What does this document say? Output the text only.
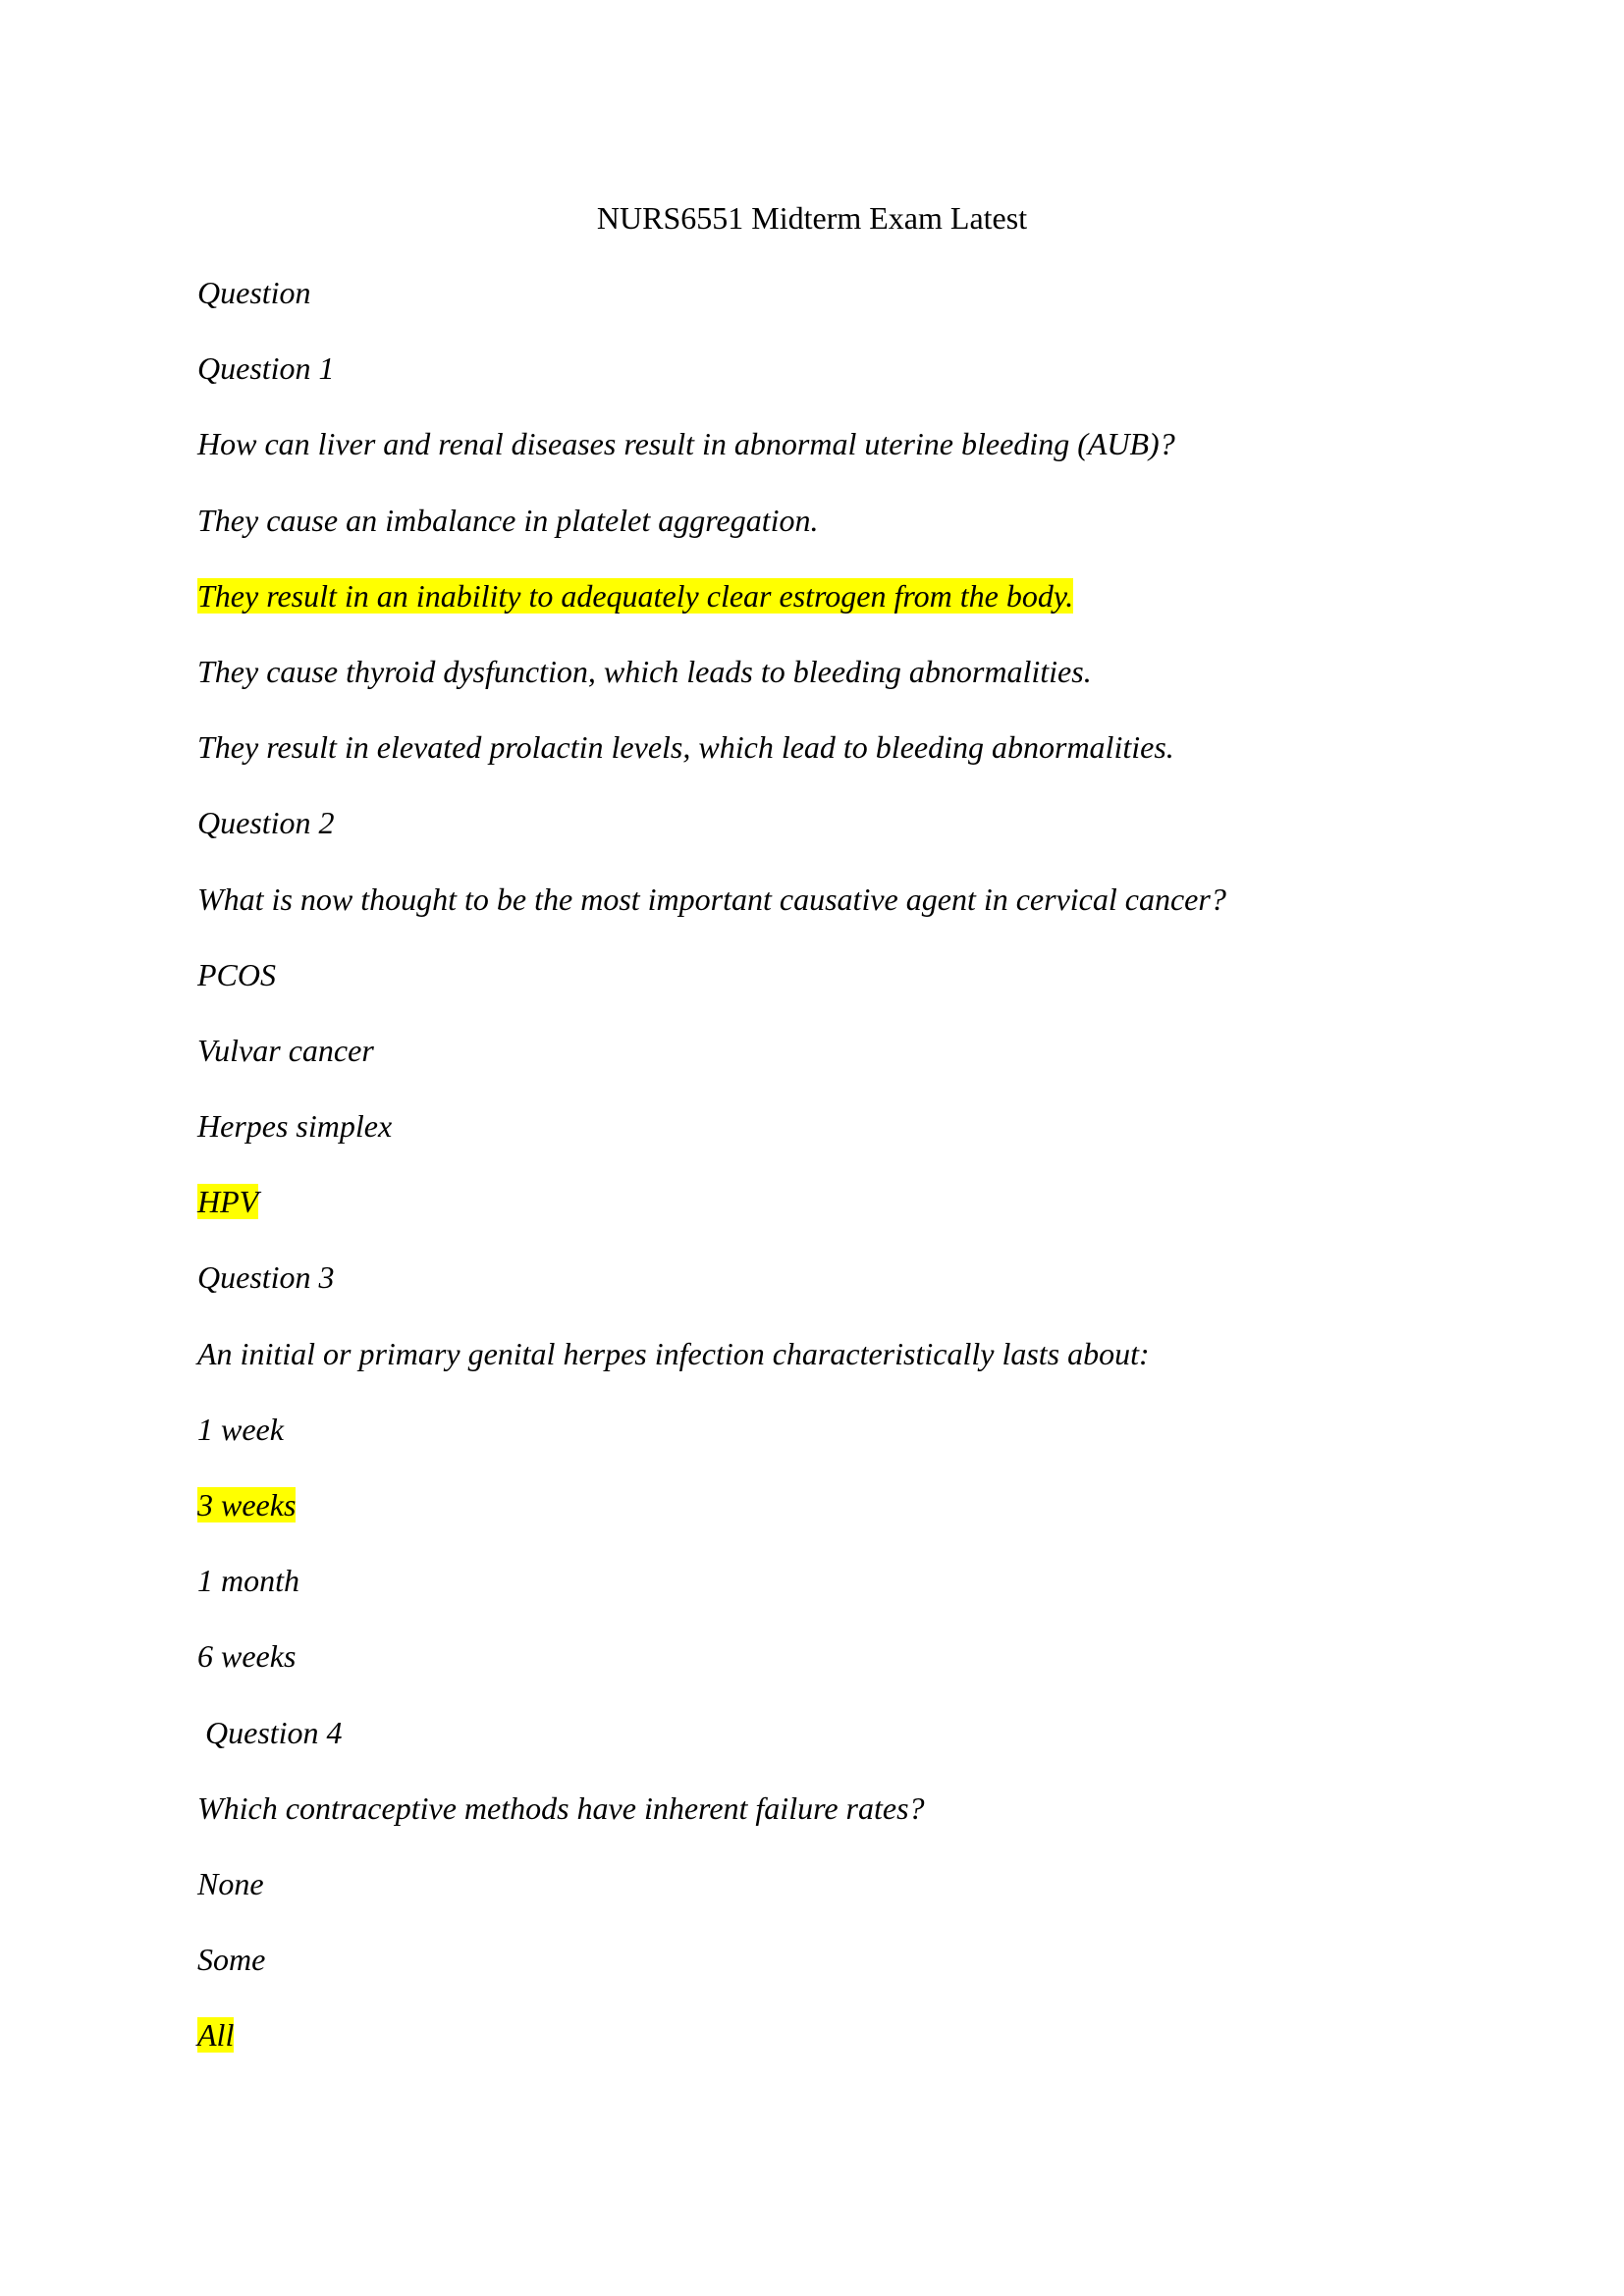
NURS6551 Midterm Exam Latest
Question
Question 1
How can liver and renal diseases result in abnormal uterine bleeding (AUB)?
They cause an imbalance in platelet aggregation.
They result in an inability to adequately clear estrogen from the body.
They cause thyroid dysfunction, which leads to bleeding abnormalities.
They result in elevated prolactin levels, which lead to bleeding abnormalities.
Question 2
What is now thought to be the most important causative agent in cervical cancer?
PCOS
Vulvar cancer
Herpes simplex
HPV
Question 3
An initial or primary genital herpes infection characteristically lasts about:
1 week
3 weeks
1 month
6 weeks
Question 4
Which contraceptive methods have inherent failure rates?
None
Some
All
